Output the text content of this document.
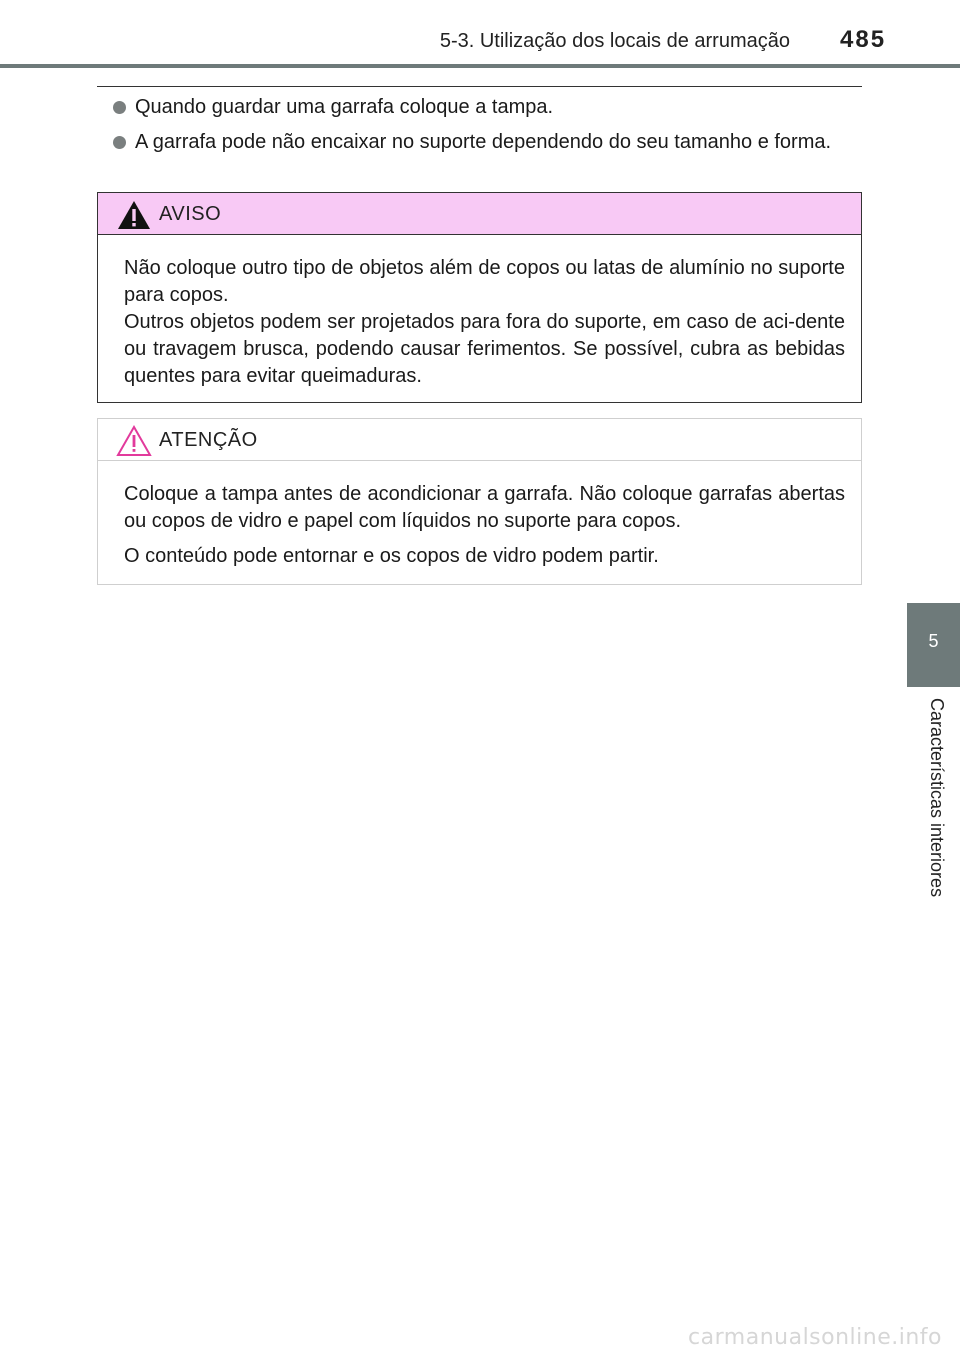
5-3. Utilização dos locais de arrumação 485
Quando guardar uma garrafa coloque a tampa.
A garrafa pode não encaixar no suporte dependendo do seu tamanho e forma.
AVISO

Não coloque outro tipo de objetos além de copos ou latas de alumínio no suporte para copos.

Outros objetos podem ser projetados para fora do suporte, em caso de aci-dente ou travagem brusca, podendo causar ferimentos. Se possível, cubra as bebidas quentes para evitar queimaduras.

ATENÇÃO

Coloque a tampa antes de acondicionar a garrafa. Não coloque garrafas abertas ou copos de vidro e papel com líquidos no suporte para copos.

O conteúdo pode entornar e os copos de vidro podem partir.

5
Características interiores
carmanualsonline.info
